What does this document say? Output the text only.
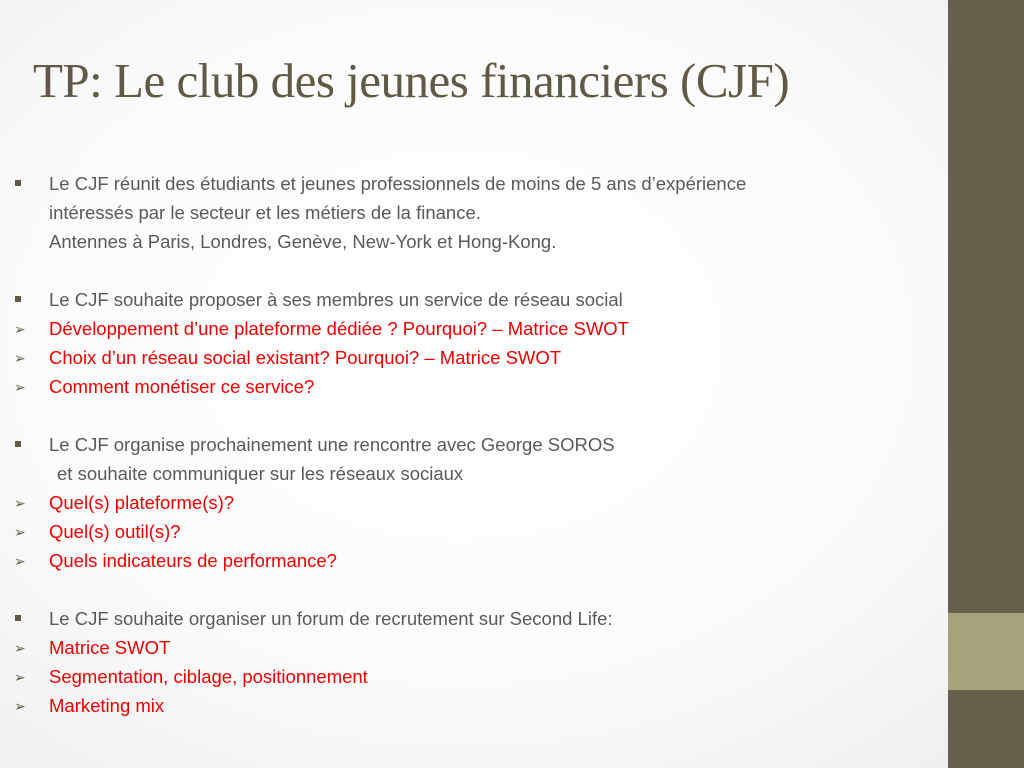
TP: Le club des jeunes financiers (CJF)
Le CJF réunit des étudiants et jeunes professionnels de moins de 5 ans d’expérience
intéressés par le secteur et les métiers de la finance.
Antennes à Paris, Londres, Genève, New-York et Hong-Kong.
Le CJF souhaite proposer à ses membres un service de réseau social
➢	Développement d’une plateforme dédiée ? Pourquoi? – Matrice SWOT
➢	Choix d’un réseau social existant? Pourquoi? – Matrice SWOT
➢	Comment monétiser ce service?
Le CJF organise prochainement une rencontre avec George SOROS
et souhaite communiquer sur les réseaux sociaux
➢	Quel(s) plateforme(s)?
➢	Quel(s) outil(s)?
➢	Quels indicateurs de performance?
Le CJF souhaite organiser un forum de recrutement sur Second Life:
➢	Matrice SWOT
➢	Segmentation, ciblage, positionnement
➢	Marketing mix
